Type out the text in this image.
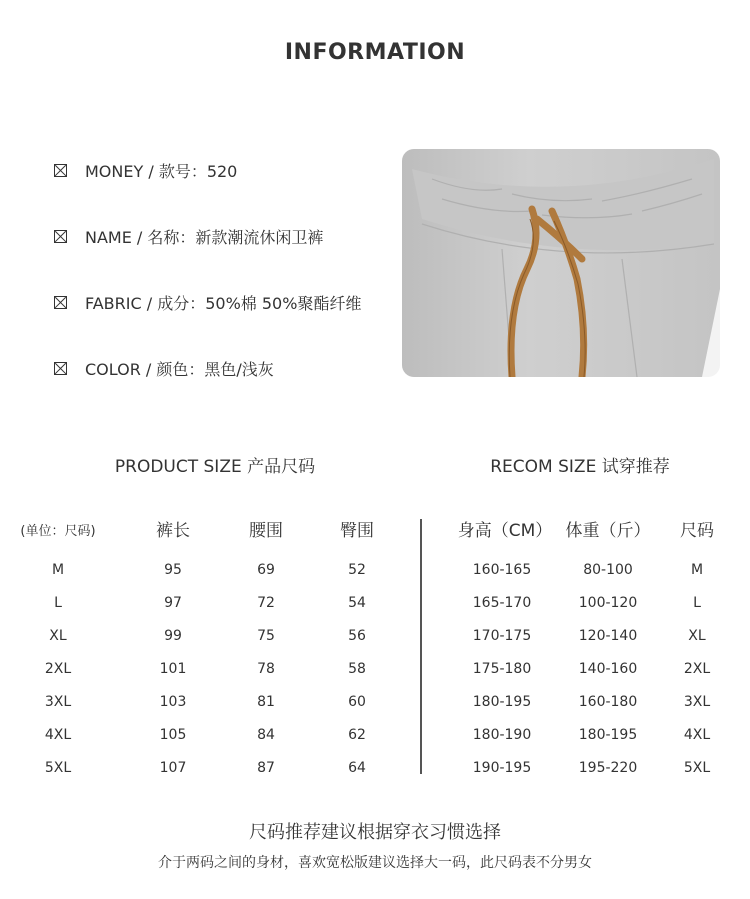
INFORMATION
MONEY / 款号：520
NAME / 名称：新款潮流休闲卫裤
FABRIC / 成分：50%棉 50%聚酯纤维
COLOR / 颜色：黑色/浅灰
PRODUCT SIZE 产品尺码	RECOM SIZE 试穿推荐
(单位：尺码)	裤长	腰围	臀围	身高（CM） 体重（斤）	尺码
M	95	69	52
L	97	72	54
XL	99	75	56
2XL	101	78	58
3XL	103	81	60
4XL	105	84	62
5XL	107	87	64
160-165	80-100	M
165-170	100-120	L
170-175	120-140	XL
175-180	140-160	2XL
180-195	160-180	3XL
180-190	180-195	4XL
190-195	195-220	5XL
尺码推荐建议根据穿衣习惯选择
介于两码之间的身材，喜欢宽松版建议选择大一码，此尺码表不分男女
